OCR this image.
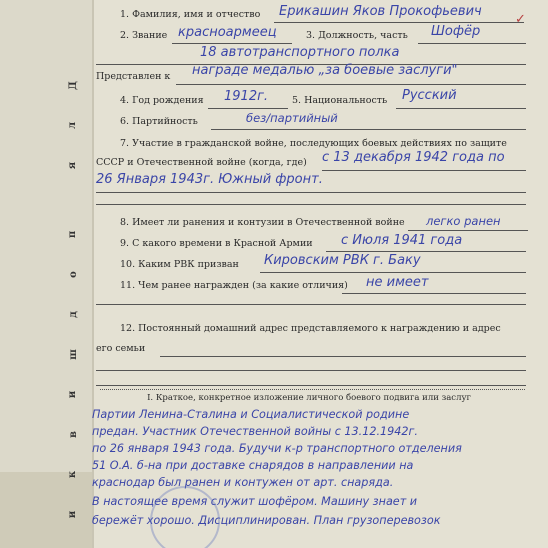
Д
л
я
п
о
д
ш
и
в
к
и
1. Фамилия, имя и отчество Ерикашин Яков Прокофьевич
2. Звание красноармеец	3. Должность, часть Шофёр
18 автотранспортного полка
Представлен к награде медалью „за боевые заслуги"
4. Год рождения 1912г.	5. Национальность Русский
6. Партийность	без/партийный
7. Участие в гражданской войне, последующих боевых действиях по защите
СССР и Отечественной войне (когда, где) с 13 декабря 1942 года по
26 Января 1943г. Южный фронт.
8. Имеет ли ранения и контузии в Отечественной войне легко ранен
9. С какого времени в Красной Армии с Июля 1941 года
10. Каким РВК призван Кировским РВК г. Баку
11. Чем ранее награжден (за какие отличия) не имеет
12. Постоянный домашний адрес представляемого к награждению и адрес
его семьи
I. Краткое, конкретное изложение личного боевого подвига или заслуг
Партии Ленина-Сталина и Социалистической родине
предан. Участник Отечественной войны с 13.12.1942г.
по 26 января 1943 года. Будучи к-р транспортного отделения
51 О.А. б-на при доставке снарядов в направлении на
краснодар был ранен и контужен от арт. снаряда.
В настоящее время служит шофёром. Машину знает и
бережёт хорошо. Дисциплинирован. План грузоперевозок
✓
